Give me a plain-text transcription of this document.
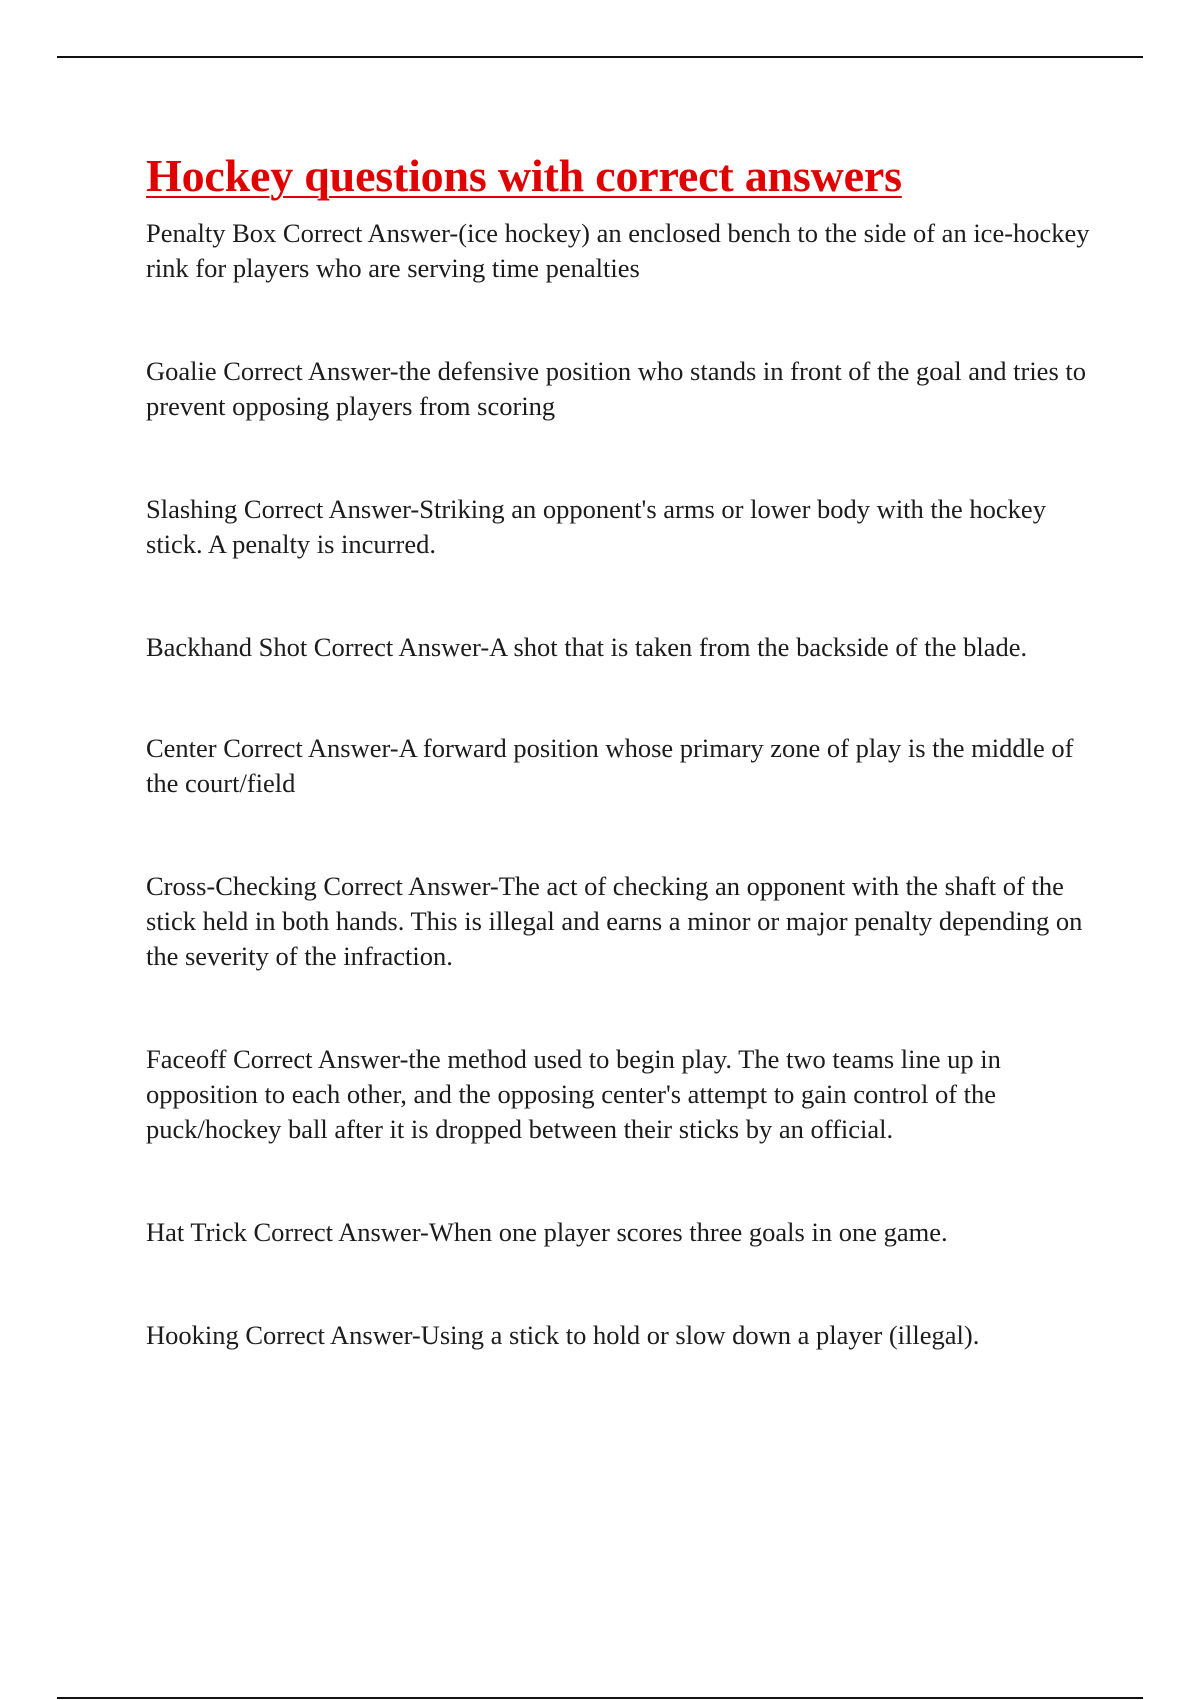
Hockey questions with correct answers

Penalty Box Correct Answer-(ice hockey) an enclosed bench to the side of an ice-hockey rink for players who are serving time penalties

Goalie Correct Answer-the defensive position who stands in front of the goal and tries to prevent opposing players from scoring

Slashing Correct Answer-Striking an opponent's arms or lower body with the hockey stick. A penalty is incurred.

Backhand Shot Correct Answer-A shot that is taken from the backside of the blade.

Center Correct Answer-A forward position whose primary zone of play is the middle of the court/field

Cross-Checking Correct Answer-The act of checking an opponent with the shaft of the stick held in both hands. This is illegal and earns a minor or major penalty depending on the severity of the infraction.

Faceoff Correct Answer-the method used to begin play. The two teams line up in opposition to each other, and the opposing center's attempt to gain control of the puck/hockey ball after it is dropped between their sticks by an official.

Hat Trick Correct Answer-When one player scores three goals in one game.

Hooking Correct Answer-Using a stick to hold or slow down a player (illegal).
